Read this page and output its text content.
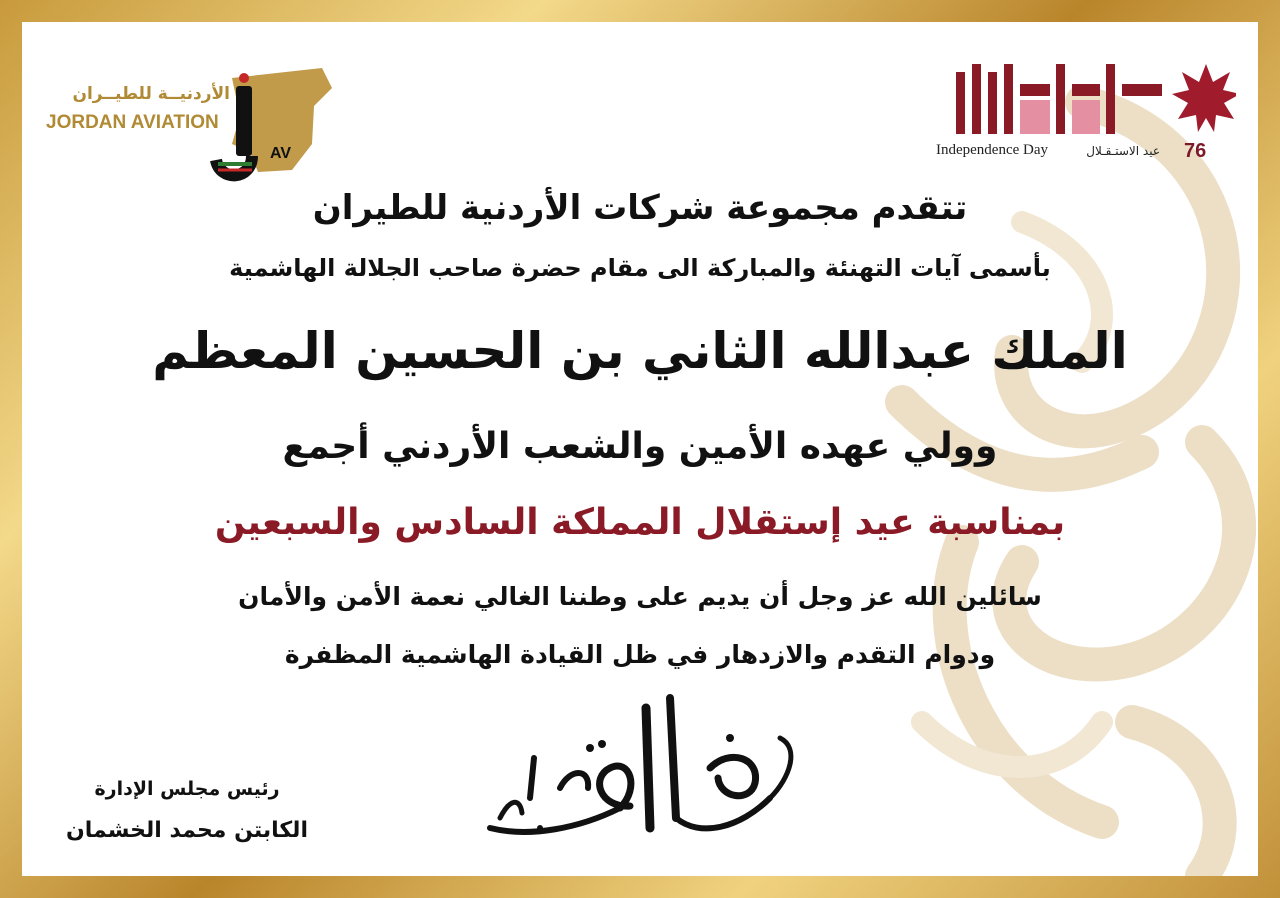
الأردنيــة للطيــران
JORDAN AVIATION
AV	Independence Day	عيد الاستـقـلال 76
تتقدم مجموعة شركات الأردنية للطيران
بأسمى آيات التهنئة والمباركة الى مقام حضرة صاحب الجلالة الهاشمية
الملك عبدالله الثاني بن الحسين المعظم
وولي عهده الأمين والشعب الأردني أجمع
بمناسبة عيد إستقلال المملكة السادس والسبعين
سائلين الله عز وجل أن يديم على وطننا الغالي نعمة الأمن والأمان
ودوام التقدم والازدهار في ظل القيادة الهاشمية المظفرة
رئيس مجلس الإدارة
الكابتن محمد الخشمان
